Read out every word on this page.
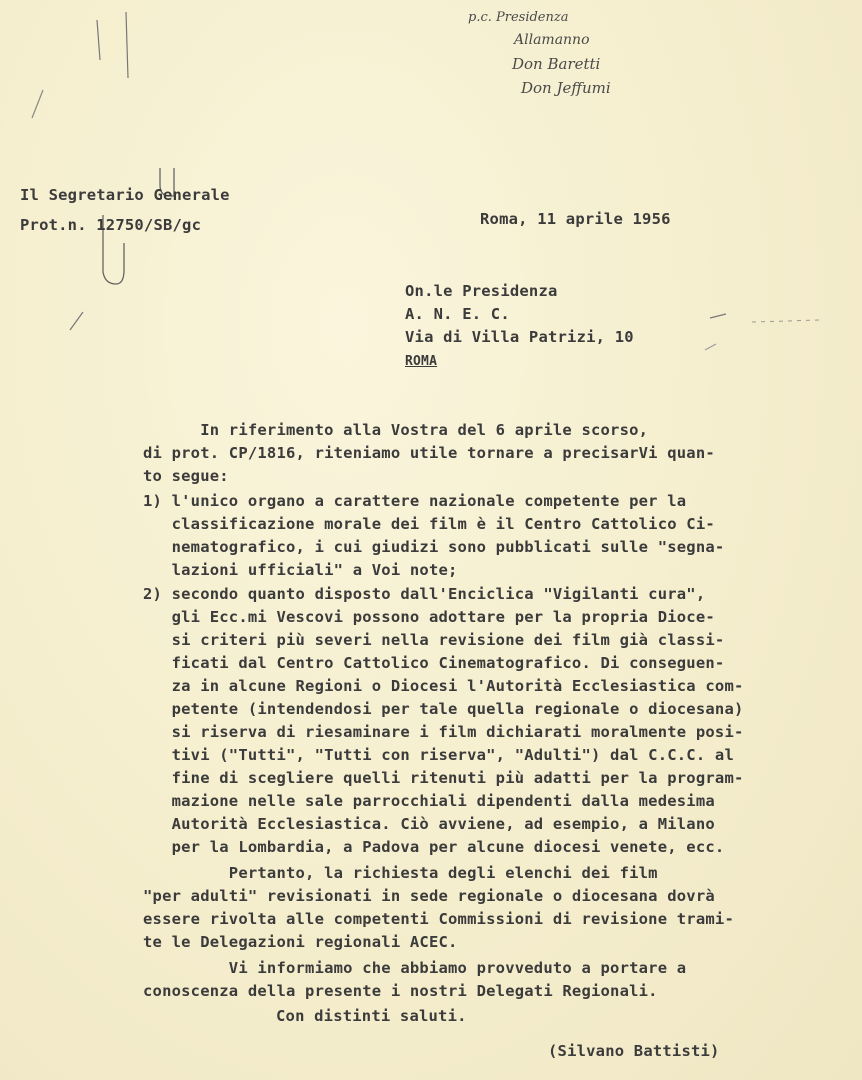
p.c. Presidenza
Allamanno
Don Baretti
Don Jeffumi
Il Segretario Generale
Prot.n. 12750/SB/gc	Roma, 11 aprile 1956
On.le Presidenza
A. N. E. C.
Via di Villa Patrizi, 10
ROMA
In riferimento alla Vostra del 6 aprile scorso,
di prot. CP/1816, riteniamo utile tornare a precisarVi quan-
to segue:
1) l'unico organo a carattere nazionale competente per la
classificazione morale dei film è il Centro Cattolico Ci-
nematografico, i cui giudizi sono pubblicati sulle "segna-
lazioni ufficiali" a Voi note;
2) secondo quanto disposto dall'Enciclica "Vigilanti cura",
gli Ecc.mi Vescovi possono adottare per la propria Dioce-
si criteri più severi nella revisione dei film già classi-
ficati dal Centro Cattolico Cinematografico. Di conseguen-
za in alcune Regioni o Diocesi l'Autorità Ecclesiastica com-
petente (intendendosi per tale quella regionale o diocesana)
si riserva di riesaminare i film dichiarati moralmente posi-
tivi ("Tutti", "Tutti con riserva", "Adulti") dal C.C.C. al
fine di scegliere quelli ritenuti più adatti per la program-
mazione nelle sale parrocchiali dipendenti dalla medesima
Autorità Ecclesiastica. Ciò avviene, ad esempio, a Milano
per la Lombardia, a Padova per alcune diocesi venete, ecc.
Pertanto, la richiesta degli elenchi dei film
"per adulti" revisionati in sede regionale o diocesana dovrà
essere rivolta alle competenti Commissioni di revisione trami-
te le Delegazioni regionali ACEC.
Vi informiamo che abbiamo provveduto a portare a
conoscenza della presente i nostri Delegati Regionali.
Con distinti saluti.
(Silvano Battisti)
